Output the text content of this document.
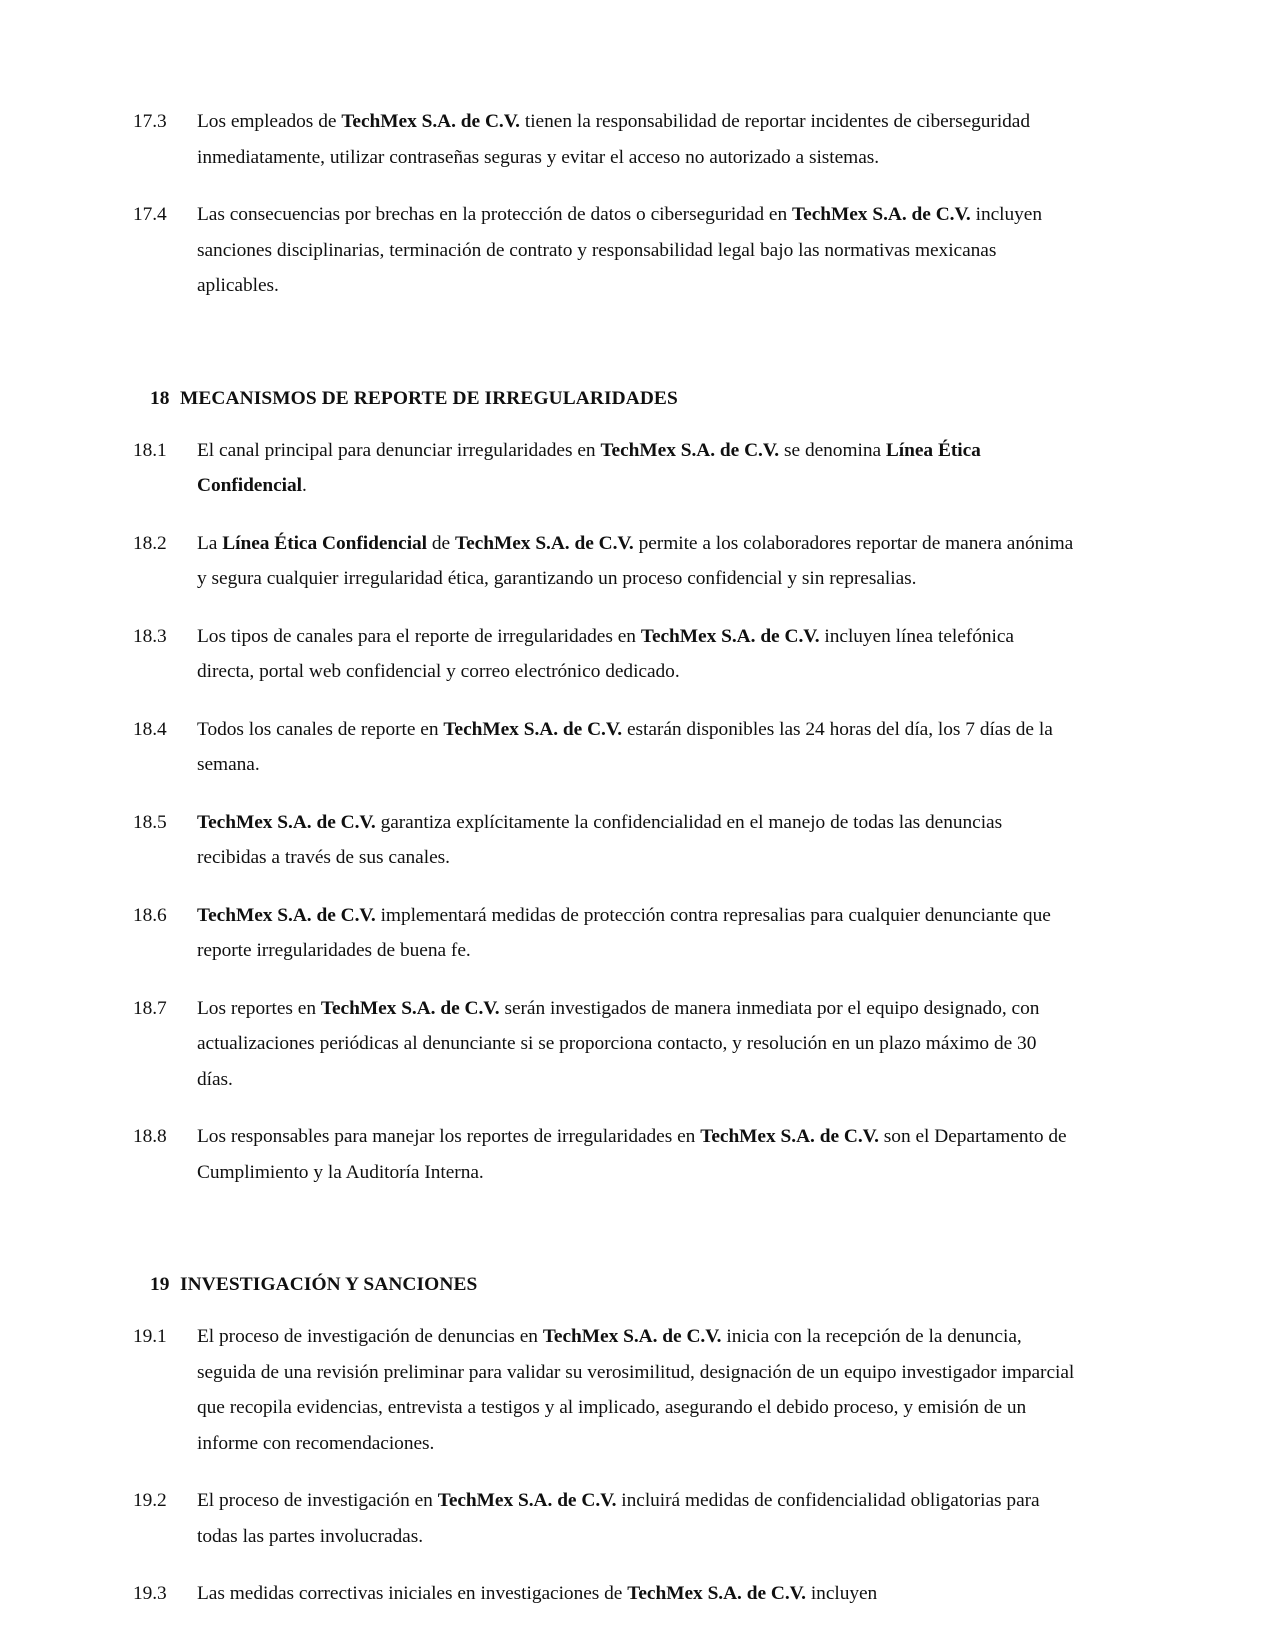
17.3	Los empleados de TechMex S.A. de C.V. tienen la responsabilidad de reportar incidentes de ciberseguridad inmediatamente, utilizar contraseñas seguras y evitar el acceso no autorizado a sistemas.
17.4	Las consecuencias por brechas en la protección de datos o ciberseguridad en TechMex S.A. de C.V. incluyen sanciones disciplinarias, terminación de contrato y responsabilidad legal bajo las normativas mexicanas aplicables.
18 MECANISMOS DE REPORTE DE IRREGULARIDADES
18.1	El canal principal para denunciar irregularidades en TechMex S.A. de C.V. se denomina Línea Ética Confidencial.
18.2	La Línea Ética Confidencial de TechMex S.A. de C.V. permite a los colaboradores reportar de manera anónima y segura cualquier irregularidad ética, garantizando un proceso confidencial y sin represalias.
18.3	Los tipos de canales para el reporte de irregularidades en TechMex S.A. de C.V. incluyen línea telefónica directa, portal web confidencial y correo electrónico dedicado.
18.4	Todos los canales de reporte en TechMex S.A. de C.V. estarán disponibles las 24 horas del día, los 7 días de la semana.
18.5	TechMex S.A. de C.V. garantiza explícitamente la confidencialidad en el manejo de todas las denuncias recibidas a través de sus canales.
18.6	TechMex S.A. de C.V. implementará medidas de protección contra represalias para cualquier denunciante que reporte irregularidades de buena fe.
18.7	Los reportes en TechMex S.A. de C.V. serán investigados de manera inmediata por el equipo designado, con actualizaciones periódicas al denunciante si se proporciona contacto, y resolución en un plazo máximo de 30 días.
18.8	Los responsables para manejar los reportes de irregularidades en TechMex S.A. de C.V. son el Departamento de Cumplimiento y la Auditoría Interna.
19 INVESTIGACIÓN Y SANCIONES
19.1	El proceso de investigación de denuncias en TechMex S.A. de C.V. inicia con la recepción de la denuncia, seguida de una revisión preliminar para validar su verosimilitud, designación de un equipo investigador imparcial que recopila evidencias, entrevista a testigos y al implicado, asegurando el debido proceso, y emisión de un informe con recomendaciones.
19.2	El proceso de investigación en TechMex S.A. de C.V. incluirá medidas de confidencialidad obligatorias para todas las partes involucradas.
19.3	Las medidas correctivas iniciales en investigaciones de TechMex S.A. de C.V. incluyen
